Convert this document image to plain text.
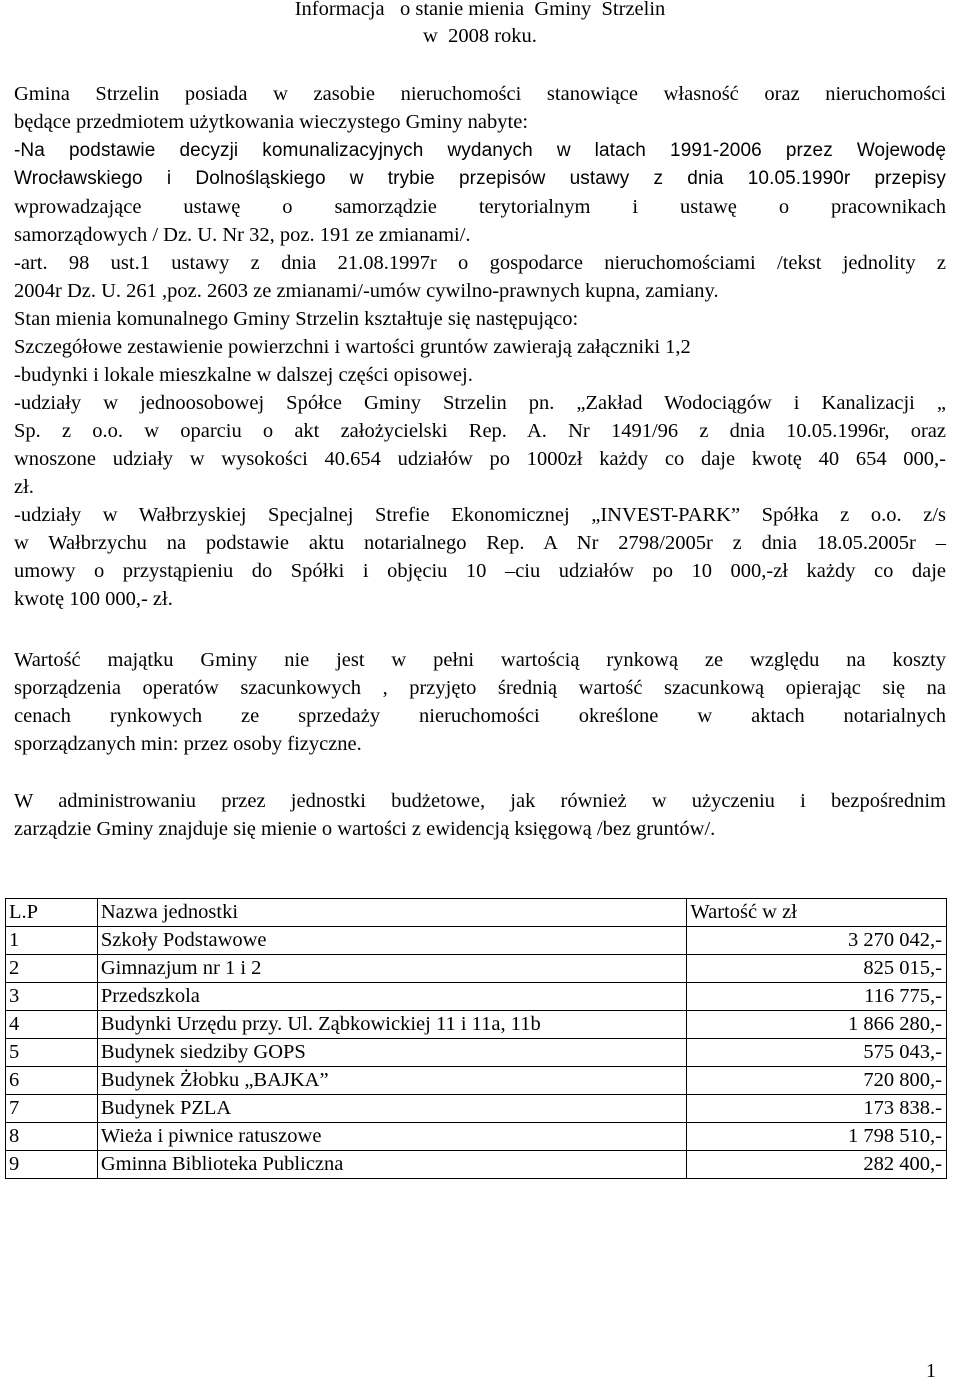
Informacja   o stanie mienia  Gminy  Strzelin
w  2008 roku.
Gmina Strzelin posiada w zasobie nieruchomości stanowiące własność oraz nieruchomości
będące przedmiotem użytkowania wieczystego Gminy nabyte:
-Na podstawie decyzji komunalizacyjnych wydanych w latach 1991-2006 przez Wojewodę
Wrocławskiego i Dolnośląskiego w trybie przepisów ustawy z dnia 10.05.1990r przepisy
wprowadzające ustawę o samorządzie terytorialnym i ustawę o pracownikach
samorządowych / Dz. U. Nr 32, poz. 191 ze zmianami/.
-art. 98 ust.1 ustawy z dnia 21.08.1997r o gospodarce nieruchomościami /tekst jednolity z
2004r Dz. U. 261 ,poz. 2603 ze zmianami/-umów cywilno-prawnych kupna, zamiany.
Stan mienia komunalnego Gminy Strzelin kształtuje się następująco:
Szczegółowe zestawienie powierzchni i wartości gruntów zawierają załączniki 1,2
-budynki i lokale mieszkalne w dalszej części opisowej.
-udziały w jednoosobowej Spółce Gminy Strzelin pn. „Zakład Wodociągów i Kanalizacji „
Sp. z o.o. w oparciu o akt założycielski Rep. A. Nr 1491/96 z dnia 10.05.1996r, oraz
wnoszone udziały w wysokości 40.654 udziałów po 1000zł każdy co daje kwotę 40 654 000,-
zł.
-udziały w Wałbrzyskiej Specjalnej Strefie Ekonomicznej „INVEST-PARK” Spółka z o.o. z/s
w Wałbrzychu na podstawie aktu notarialnego Rep. A Nr 2798/2005r z dnia 18.05.2005r –
umowy o przystąpieniu do Spółki i objęciu 10 –ciu udziałów po 10 000,-zł każdy co daje
kwotę 100 000,- zł.
Wartość majątku Gminy nie jest w pełni wartością rynkową ze względu na koszty
sporządzenia operatów szacunkowych , przyjęto średnią wartość szacunkową opierając się na
cenach rynkowych ze sprzedaży nieruchomości określone w aktach notarialnych
sporządzanych min: przez osoby fizyczne.
W administrowaniu przez jednostki budżetowe, jak również w użyczeniu i bezpośrednim
zarządzie Gminy znajduje się mienie o wartości z ewidencją księgową /bez gruntów/.
L.P	Nazwa jednostki	Wartość w zł
1	Szkoły Podstawowe	3 270 042,-
2	Gimnazjum nr 1 i 2	825 015,-
3	Przedszkola	116 775,-
4	Budynki Urzędu przy. Ul. Ząbkowickiej 11 i 11a, 11b	1 866 280,-
5	Budynek siedziby GOPS	575 043,-
6	Budynek Żłobku „BAJKA”	720 800,-
7	Budynek PZLA	173 838.-
8	Wieża i piwnice ratuszowe	1 798 510,-
9	Gminna Biblioteka Publiczna	282 400,-
1
